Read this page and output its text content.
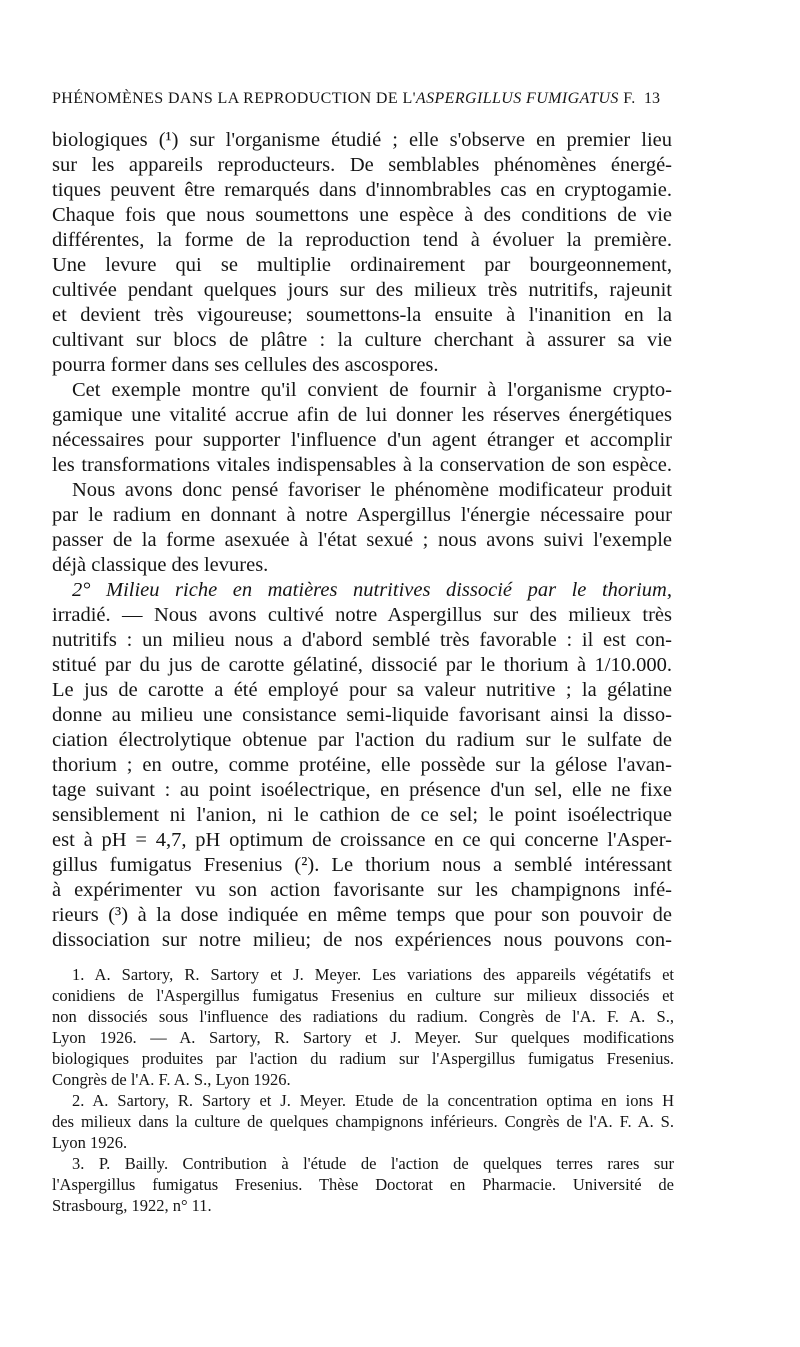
PHÉNOMÈNES DANS LA REPRODUCTION DE L'ASPERGILLUS FUMIGATUS F. 13
biologiques (¹) sur l'organisme étudié ; elle s'observe en premier lieu
sur les appareils reproducteurs. De semblables phénomènes énergé-
tiques peuvent être remarqués dans d'innombrables cas en cryptogamie.
Chaque fois que nous soumettons une espèce à des conditions de vie
différentes, la forme de la reproduction tend à évoluer la première.
Une levure qui se multiplie ordinairement par bourgeonnement,
cultivée pendant quelques jours sur des milieux très nutritifs, rajeunit
et devient très vigoureuse; soumettons-la ensuite à l'inanition en la
cultivant sur blocs de plâtre : la culture cherchant à assurer sa vie
pourra former dans ses cellules des ascospores.
Cet exemple montre qu'il convient de fournir à l'organisme crypto-
gamique une vitalité accrue afin de lui donner les réserves énergétiques
nécessaires pour supporter l'influence d'un agent étranger et accomplir
les transformations vitales indispensables à la conservation de son espèce.
Nous avons donc pensé favoriser le phénomène modificateur produit
par le radium en donnant à notre Aspergillus l'énergie nécessaire pour
passer de la forme asexuée à l'état sexué ; nous avons suivi l'exemple
déjà classique des levures.
2° Milieu riche en matières nutritives dissocié par le thorium,
irradié. — Nous avons cultivé notre Aspergillus sur des milieux très
nutritifs : un milieu nous a d'abord semblé très favorable : il est con-
stitué par du jus de carotte gélatiné, dissocié par le thorium à 1/10.000.
Le jus de carotte a été employé pour sa valeur nutritive ; la gélatine
donne au milieu une consistance semi-liquide favorisant ainsi la disso-
ciation électrolytique obtenue par l'action du radium sur le sulfate de
thorium ; en outre, comme protéine, elle possède sur la gélose l'avan-
tage suivant : au point isoélectrique, en présence d'un sel, elle ne fixe
sensiblement ni l'anion, ni le cathion de ce sel; le point isoélectrique
est à pH = 4,7, pH optimum de croissance en ce qui concerne l'Asper-
gillus fumigatus Fresenius (²). Le thorium nous a semblé intéressant
à expérimenter vu son action favorisante sur les champignons infé-
rieurs (³) à la dose indiquée en même temps que pour son pouvoir de
dissociation sur notre milieu; de nos expériences nous pouvons con-
1. A. Sartory, R. Sartory et J. Meyer. Les variations des appareils végétatifs et
conidiens de l'Aspergillus fumigatus Fresenius en culture sur milieux dissociés et
non dissociés sous l'influence des radiations du radium. Congrès de l'A. F. A. S.,
Lyon 1926. — A. Sartory, R. Sartory et J. Meyer. Sur quelques modifications
biologiques produites par l'action du radium sur l'Aspergillus fumigatus Fresenius.
Congrès de l'A. F. A. S., Lyon 1926.
2. A. Sartory, R. Sartory et J. Meyer. Etude de la concentration optima en ions H
des milieux dans la culture de quelques champignons inférieurs. Congrès de l'A. F. A. S.
Lyon 1926.
3. P. Bailly. Contribution à l'étude de l'action de quelques terres rares sur
l'Aspergillus fumigatus Fresenius. Thèse Doctorat en Pharmacie. Université de
Strasbourg, 1922, n° 11.
